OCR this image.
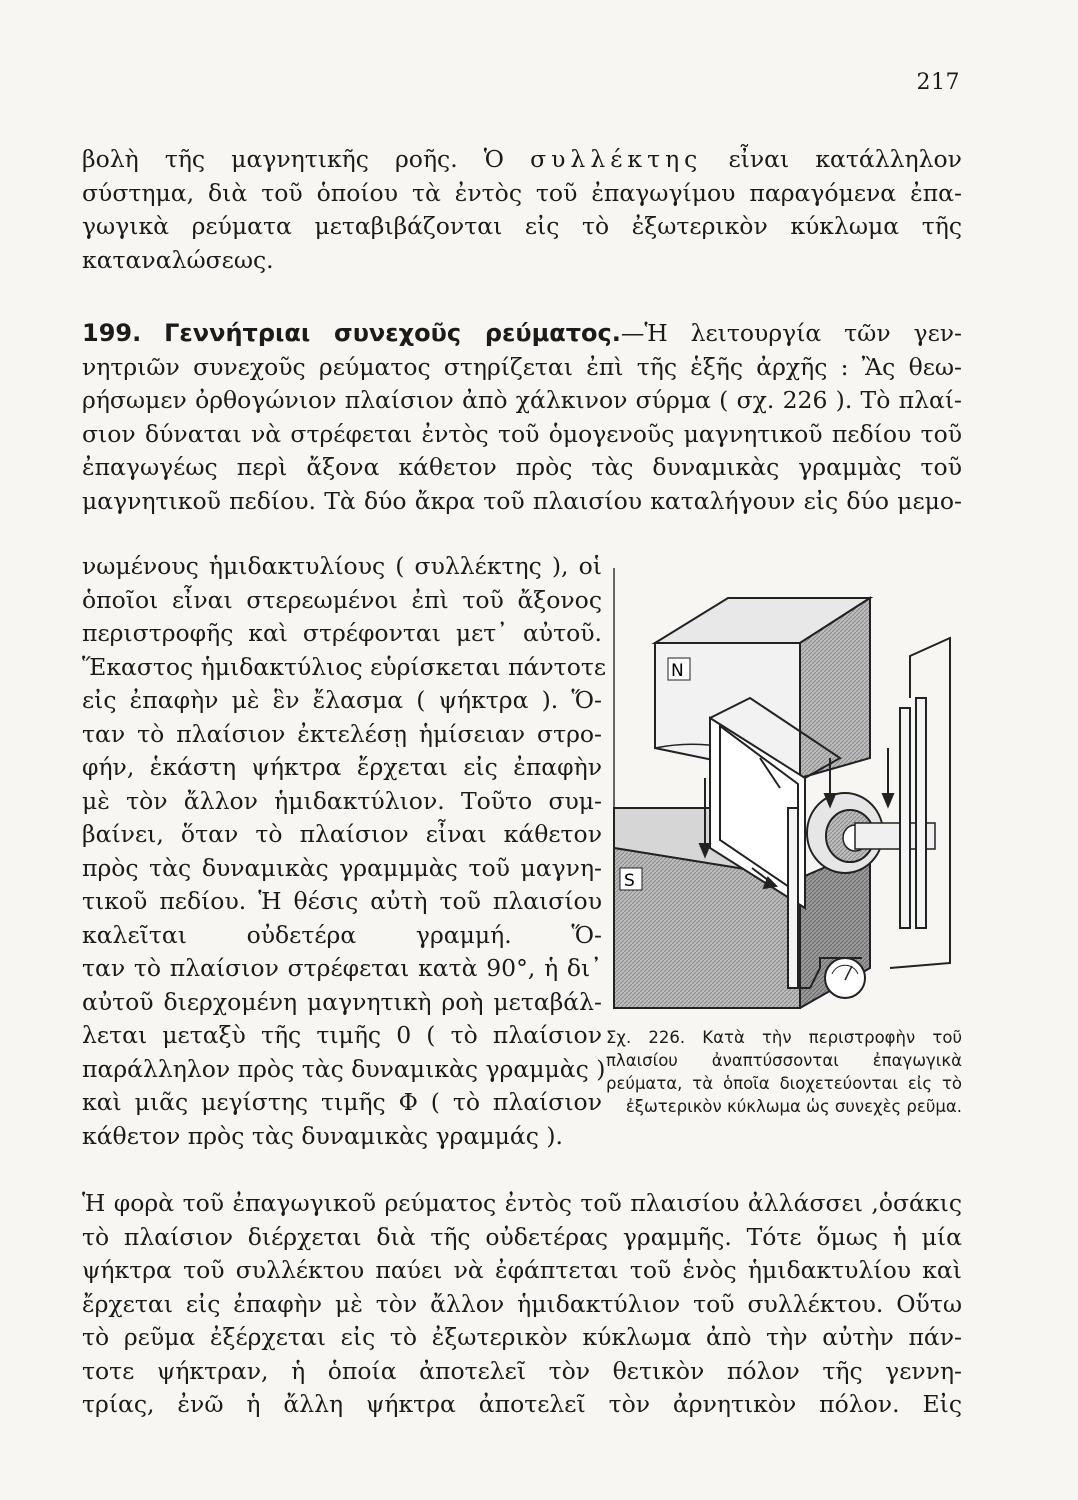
217
βολὴ τῆς μαγνητικῆς ροῆς. Ὁ συλλέκτης εἶναι κατάλληλον
σύστημα, διὰ τοῦ ὁποίου τὰ ἐντὸς τοῦ ἐπαγωγίμου παραγόμενα ἐπα-
γωγικὰ ρεύματα μεταβιβάζονται εἰς τὸ ἐξωτερικὸν κύκλωμα τῆς
καταναλώσεως.
199. Γεννήτριαι συνεχοῦς ρεύματος.—Ἡ λειτουργία τῶν γεν-
νητριῶν συνεχοῦς ρεύματος στηρίζεται ἐπὶ τῆς ἑξῆς ἀρχῆς : Ἂς θεω-
ρήσωμεν ὀρθογώνιον πλαίσιον ἀπὸ χάλκινον σύρμα ( σχ. 226 ). Τὸ πλαί-
σιον δύναται νὰ στρέφεται ἐντὸς τοῦ ὁμογενοῦς μαγνητικοῦ πεδίου τοῦ
ἐπαγωγέως περὶ ἄξονα κάθετον πρὸς τὰς δυναμικὰς γραμμὰς τοῦ
μαγνητικοῦ πεδίου. Τὰ δύο ἄκρα τοῦ πλαισίου καταλήγουν εἰς δύο μεμο-
νωμένους ἡμιδακτυλίους ( συλλέκτης ), οἱ
ὁποῖοι εἶναι στερεωμένοι ἐπὶ τοῦ ἄξονος
περιστροφῆς καὶ στρέφονται μετ᾽ αὐτοῦ.
Ἕκαστος ἡμιδακτύλιος εὑρίσκεται πάντοτε
εἰς ἐπαφὴν μὲ ἓν ἔλασμα ( ψήκτρα ). Ὅ-
ταν τὸ πλαίσιον ἐκτελέσῃ ἡμίσειαν στρο-
φήν, ἑκάστη ψήκτρα ἔρχεται εἰς ἐπαφὴν
μὲ τὸν ἄλλον ἡμιδακτύλιον. Τοῦτο συμ-
βαίνει, ὅταν τὸ πλαίσιον εἶναι κάθετον
πρὸς τὰς δυναμικὰς γραμμμὰς τοῦ μαγνη-
τικοῦ πεδίου. Ἡ θέσις αὐτὴ τοῦ πλαισίου
καλεῖται οὐδετέρα γραμμή. Ὅ-
ταν τὸ πλαίσιον στρέφεται κατὰ 90°, ἡ δι᾽
αὐτοῦ διερχομένη μαγνητικὴ ροὴ μεταβάλ-
λεται μεταξὺ τῆς τιμῆς 0 ( τὸ πλαίσιον
παράλληλον πρὸς τὰς δυναμικὰς γραμμὰς )
καὶ μιᾶς μεγίστης τιμῆς Φ ( τὸ πλαίσιον
κάθετον πρὸς τὰς δυναμικὰς γραμμάς ).
N
S
Σχ. 226. Κατὰ τὴν περιστροφὴν τοῦ πλαισίου ἀναπτύσσονται ἐπαγωγικὰ ρεύματα, τὰ ὁποῖα διοχετεύονται εἰς τὸ ἐξωτερικὸν κύκλωμα ὡς συνεχὲς ρεῦμα.
Ἡ φορὰ τοῦ ἐπαγωγικοῦ ρεύματος ἐντὸς τοῦ πλαισίου ἀλλάσσει ,ὁσάκις
τὸ πλαίσιον διέρχεται διὰ τῆς οὐδετέρας γραμμῆς. Τότε ὅμως ἡ μία
ψήκτρα τοῦ συλλέκτου παύει νὰ ἐφάπτεται τοῦ ἑνὸς ἡμιδακτυλίου καὶ
ἔρχεται εἰς ἐπαφὴν μὲ τὸν ἄλλον ἡμιδακτύλιον τοῦ συλλέκτου. Οὕτω
τὸ ρεῦμα ἐξέρχεται εἰς τὸ ἐξωτερικὸν κύκλωμα ἀπὸ τὴν αὐτὴν πάν-
τοτε ψήκτραν, ἡ ὁποία ἀποτελεῖ τὸν θετικὸν πόλον τῆς γεννη-
τρίας, ἐνῶ ἡ ἄλλη ψήκτρα ἀποτελεῖ τὸν ἀρνητικὸν πόλον. Εἰς
